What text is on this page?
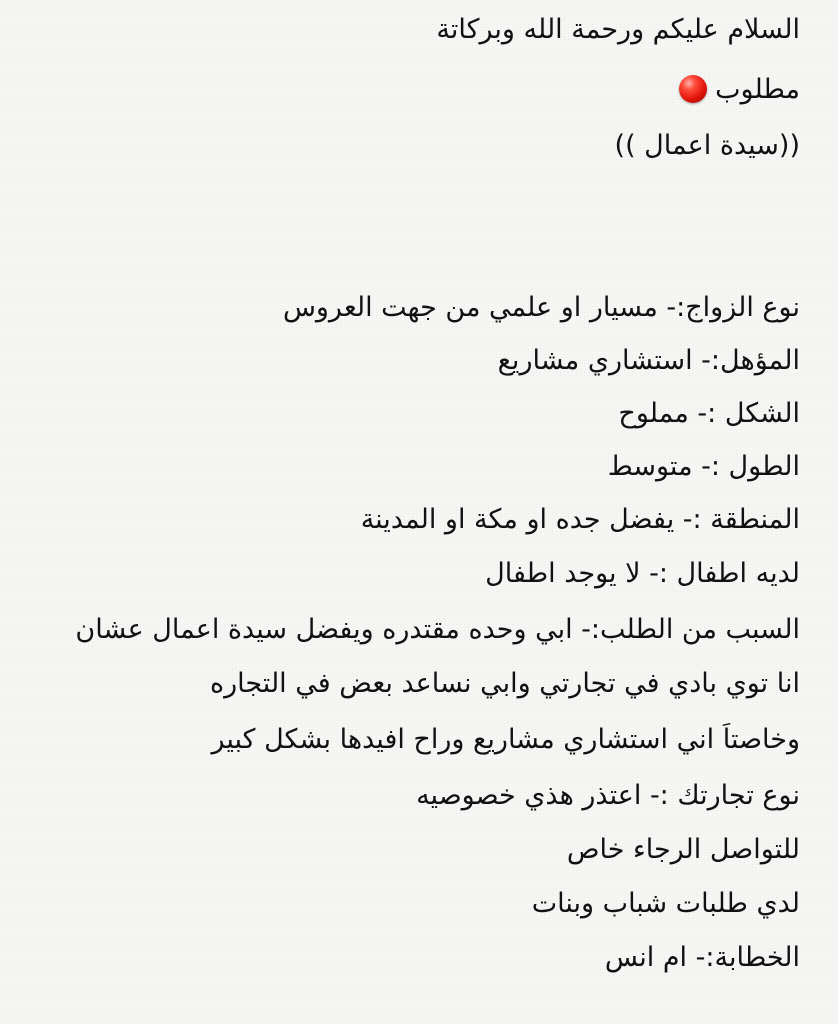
السلام عليكم ورحمة الله وبركاتة
مطلوب
((سيدة اعمال ))
نوع الزواج:- مسيار او علمي من جهت العروس
المؤهل:- استشاري مشاريع
الشكل :- مملوح
الطول :- متوسط
المنطقة :- يفضل جده او مكة او المدينة
لديه اطفال :- لا يوجد اطفال
السبب من الطلب:- ابي وحده مقتدره ويفضل سيدة اعمال عشان
انا توي بادي في تجارتي وابي نساعد بعض في التجاره
وخاصتاَ اني استشاري مشاريع وراح افيدها بشكل كبير
نوع تجارتك :- اعتذر هذي خصوصيه
للتواصل الرجاء خاص
لدي طلبات شباب وبنات
الخطابة:- ام انس
